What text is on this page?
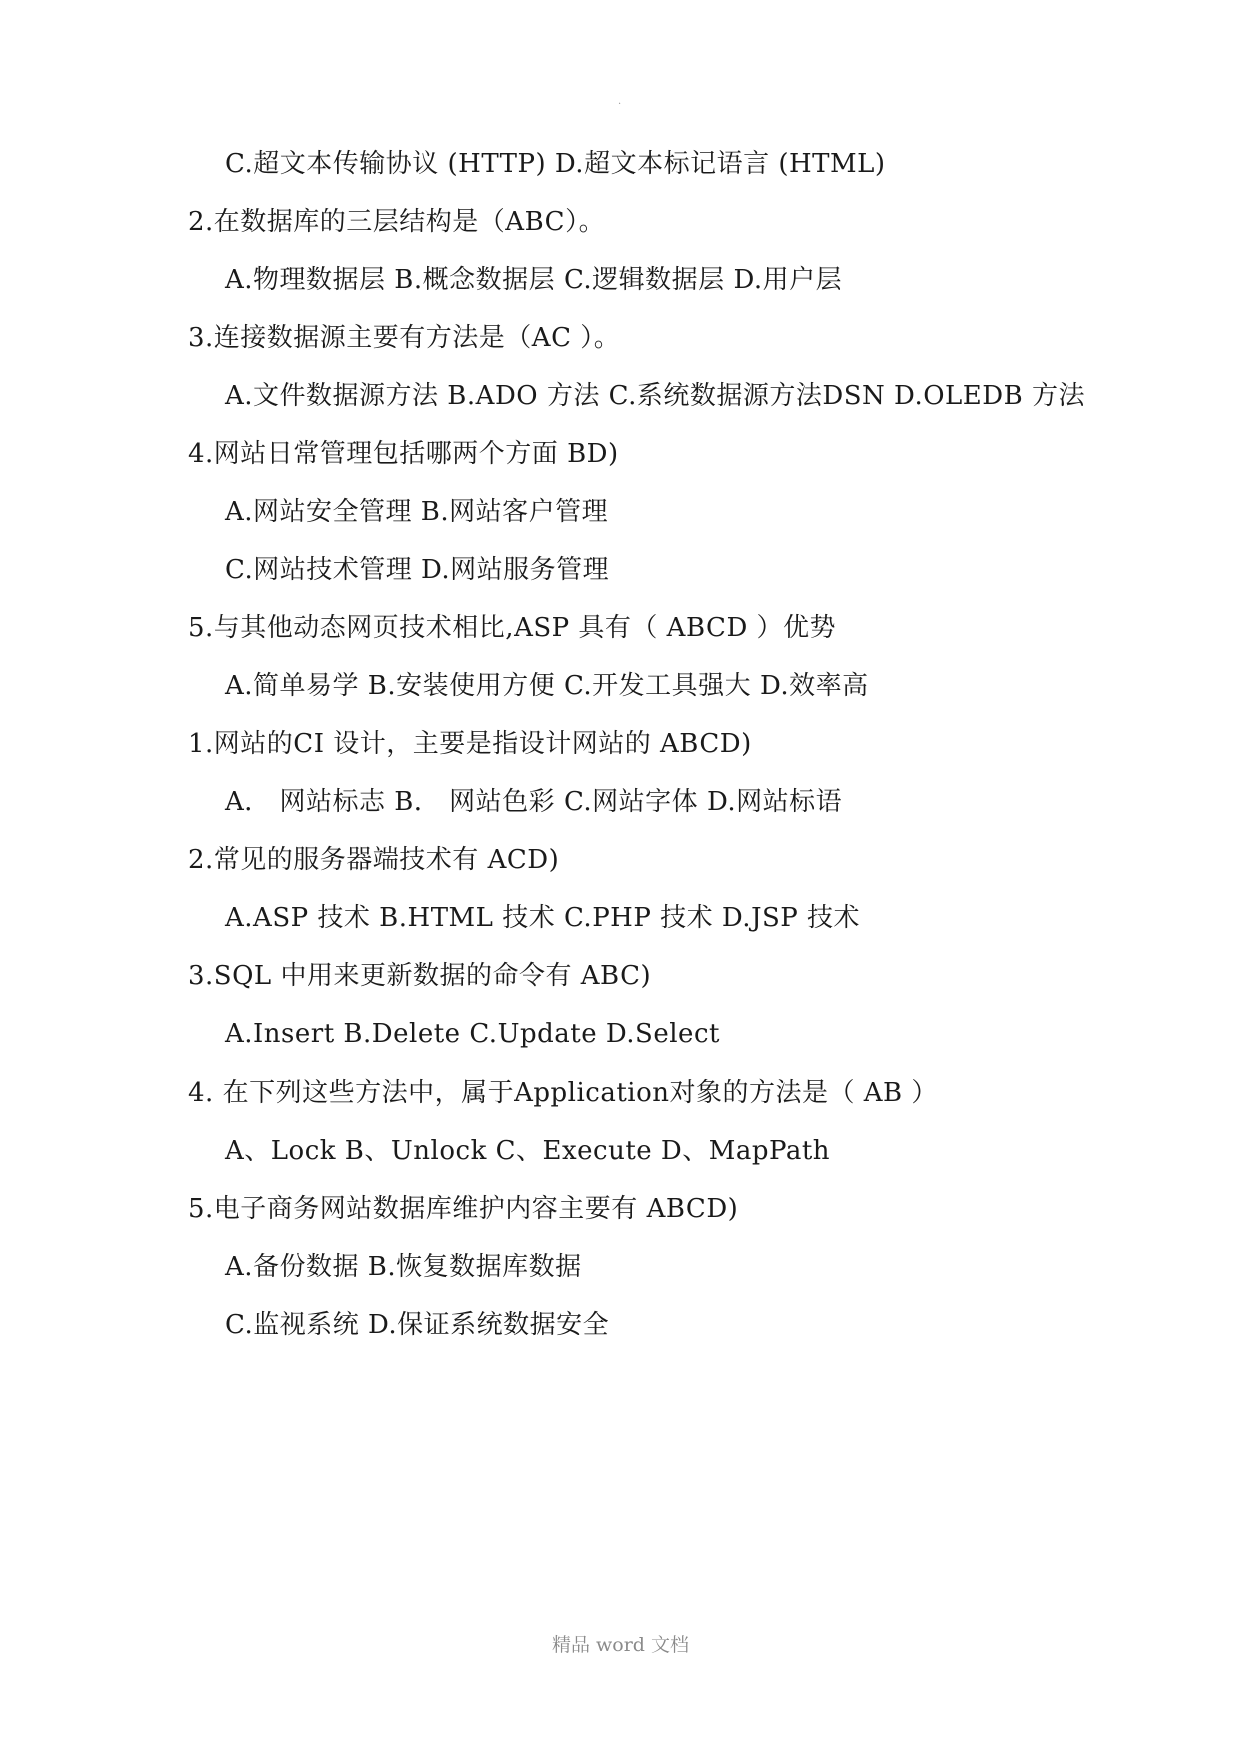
.
C.超文本传输协议 (HTTP) D.超文本标记语言 (HTML)
2.在数据库的三层结构是（ABC）。
A.物理数据层 B.概念数据层 C.逻辑数据层 D.用户层
3.连接数据源主要有方法是（AC ）。
A.文件数据源方法 B.ADO 方法 C.系统数据源方法DSN D.OLEDB 方法
4.网站日常管理包括哪两个方面 BD)
A.网站安全管理 B.网站客户管理
C.网站技术管理 D.网站服务管理
5.与其他动态网页技术相比,ASP 具有（ ABCD ）优势
A.简单易学 B.安装使用方便 C.开发工具强大 D.效率高
1.网站的CI 设计，主要是指设计网站的 ABCD)
A． 网站标志 B． 网站色彩 C.网站字体 D.网站标语
2.常见的服务器端技术有 ACD)
A.ASP 技术 B.HTML 技术 C.PHP 技术 D.JSP 技术
3.SQL 中用来更新数据的命令有 ABC)
A.Insert B.Delete C.Update D.Select
4. 在下列这些方法中，属于Application对象的方法是（ AB ）
A、Lock B、Unlock C、Execute D、MapPath
5.电子商务网站数据库维护内容主要有 ABCD)
A.备份数据 B.恢复数据库数据
C.监视系统 D.保证系统数据安全
精品 word 文档
